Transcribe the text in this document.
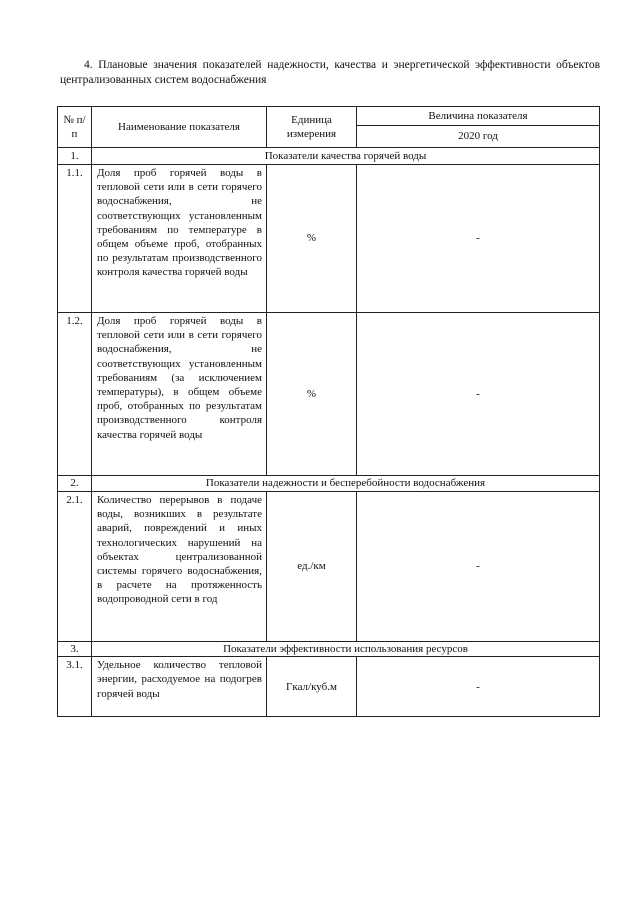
4. Плановые значения показателей надежности, качества и энергетической эффективности объектов централизованных систем водоснабжения
№ п/п	Наименование показателя	Единица измерения	Величина показателя
			2020 год
1.	Показатели качества горячей воды		
1.1.	Доля проб горячей воды в тепловой сети или в сети горячего водоснабжения, не соответствующих установленным требованиям по температуре в общем объеме проб, отобранных по результатам производственного контроля качества горячей воды	%	-
1.2.	Доля проб горячей воды в тепловой сети или в сети горячего водоснабжения, не соответствующих установленным требованиям (за исключением температуры), в общем объеме проб, отобранных по результатам производственного контроля качества горячей воды	%	-
2.	Показатели надежности и бесперебойности водоснабжения		
2.1.	Количество перерывов в подаче воды, возникших в результате аварий, повреждений и иных технологических нарушений на объектах централизованной системы горячего водоснабжения, в расчете на протяженность водопроводной сети в год	ед./км	-
3.	Показатели эффективности использования ресурсов		
3.1.	Удельное количество тепловой энергии, расходуемое на подогрев горячей воды	Гкал/куб.м	-
